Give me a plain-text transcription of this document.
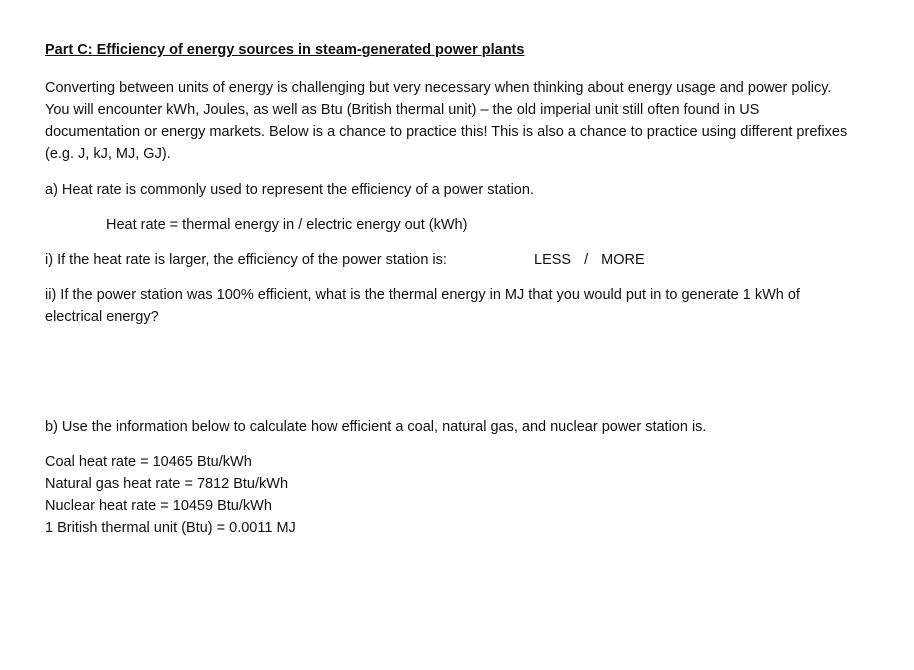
Part C: Efficiency of energy sources in steam-generated power plants

Converting between units of energy is challenging but very necessary when thinking about energy usage and power policy. You will encounter kWh, Joules, as well as Btu (British thermal unit) – the old imperial unit still often found in US documentation or energy markets. Below is a chance to practice this! This is also a chance to practice using different prefixes (e.g. J, kJ, MJ, GJ).

a) Heat rate is commonly used to represent the efficiency of a power station.

Heat rate = thermal energy in / electric energy out (kWh)

i) If the heat rate is larger, the efficiency of the power station is:	LESS / MORE

ii) If the power station was 100% efficient, what is the thermal energy in MJ that you would put in to generate 1 kWh of electrical energy?

b) Use the information below to calculate how efficient a coal, natural gas, and nuclear power station is.

Coal heat rate = 10465 Btu/kWh

Natural gas heat rate = 7812 Btu/kWh

Nuclear heat rate = 10459 Btu/kWh

1 British thermal unit (Btu) = 0.0011 MJ
